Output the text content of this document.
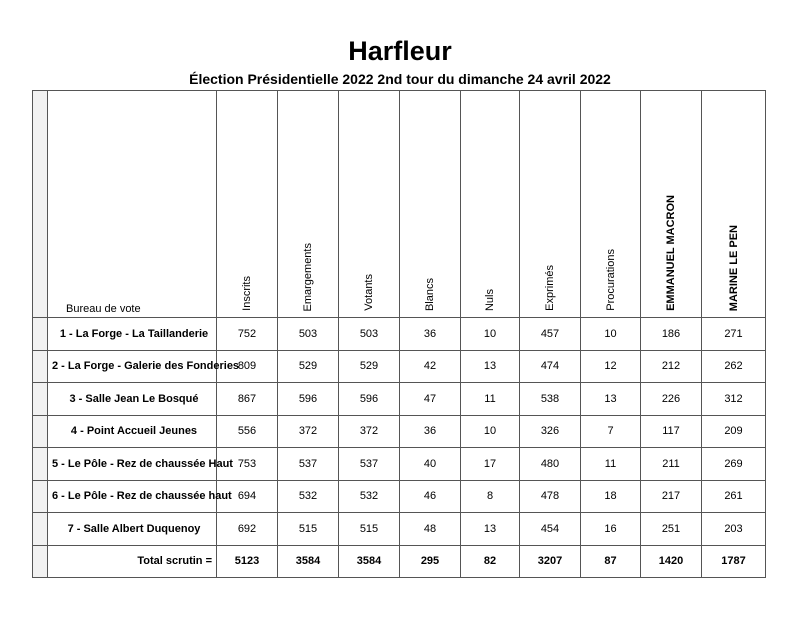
Harfleur
Élection Présidentielle 2022 2nd tour du dimanche 24 avril 2022

	Bureau de vote	Inscrits	Emargements	Votants	Blancs	Nuls	Exprimés	Procurations	EMMANUEL MACRON	MARINE LE PEN

	1 - La Forge - La Taillanderie	752	503	503	36	10	457	10	186	271
	2 - La Forge - Galerie des Fonderies	809	529	529	42	13	474	12	212	262
	3 - Salle Jean Le Bosqué	867	596	596	47	11	538	13	226	312
	4 - Point Accueil Jeunes	556	372	372	36	10	326	7	117	209
	5 - Le Pôle - Rez de chaussée Haut	753	537	537	40	17	480	11	211	269
	6 - Le Pôle - Rez de chaussée haut	694	532	532	46	8	478	18	217	261
	7 - Salle Albert Duquenoy	692	515	515	48	13	454	16	251	203
	Total scrutin =	5123	3584	3584	295	82	3207	87	1420	1787
